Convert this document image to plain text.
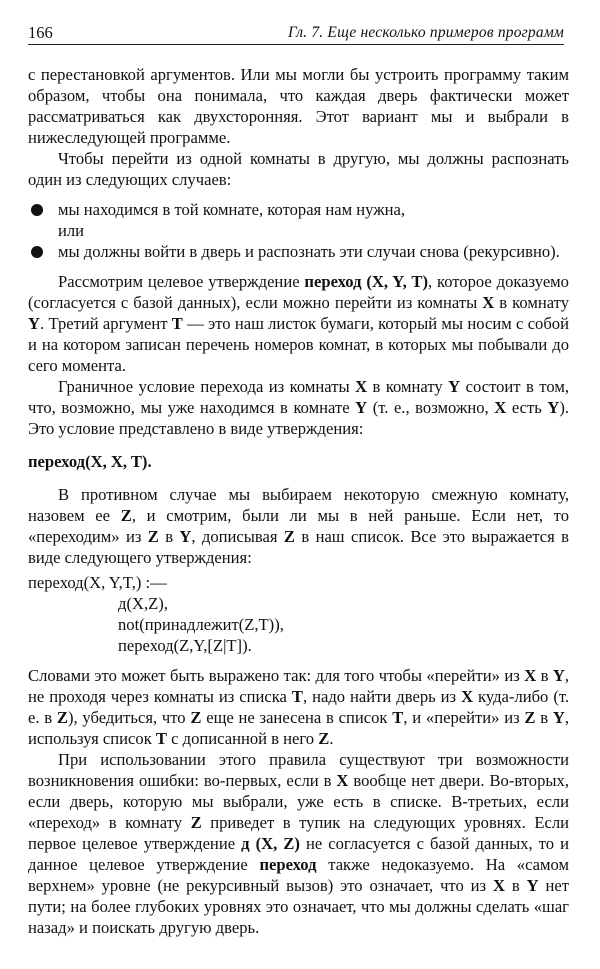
166	Гл. 7. Еще несколько примеров программ

с перестановкой аргументов. Или мы могли бы устроить программу таким образом, чтобы она понимала, что каждая дверь фактически может рассматриваться как двухсторонняя. Этот вариант мы и выбрали в нижеследующей программе.

Чтобы перейти из одной комнаты в другую, мы должны распознать один из следующих случаев:

мы находимся в той комнате, которая нам нужна,
или
мы должны войти в дверь и распознать эти случаи снова (рекурсивно).

Рассмотрим целевое утверждение переход (X, Y, T), которое доказуемо (согласуется с базой данных), если можно перейти из комнаты X в комнату Y. Третий аргумент T — это наш листок бумаги, который мы носим с собой и на котором записан перечень номеров комнат, в которых мы побывали до сего момента.

Граничное условие перехода из комнаты X в комнату Y состоит в том, что, возможно, мы уже находимся в комнате Y (т. е., возможно, X есть Y). Это условие представлено в виде утверждения:

переход(X, X, T).

В противном случае мы выбираем некоторую смежную комнату, назовем ее Z, и смотрим, были ли мы в ней раньше. Если нет, то «переходим» из Z в Y, дописывая Z в наш список. Все это выражается в виде следующего утверждения:

переход(X, Y,T,) :—
д(X,Z),
not(принадлежит(Z,T)),
переход(Z,Y,[Z|T]).

Словами это может быть выражено так: для того чтобы «перейти» из X в Y, не проходя через комнаты из списка T, надо найти дверь из X куда-либо (т. е. в Z), убедиться, что Z еще не занесена в список T, и «перейти» из Z в Y, используя список T с дописанной в него Z.

При использовании этого правила существуют три возможности возникновения ошибки: во-первых, если в X вообще нет двери. Во-вторых, если дверь, которую мы выбрали, уже есть в списке. В-третьих, если «переход» в комнату Z приведет в тупик на следующих уровнях. Если первое целевое утверждение д (X, Z) не согласуется с базой данных, то и данное целевое утверждение переход также недоказуемо. На «самом верхнем» уровне (не рекурсивный вызов) это означает, что из X в Y нет пути; на более глубоких уровнях это означает, что мы должны сделать «шаг назад» и поискать другую дверь.
